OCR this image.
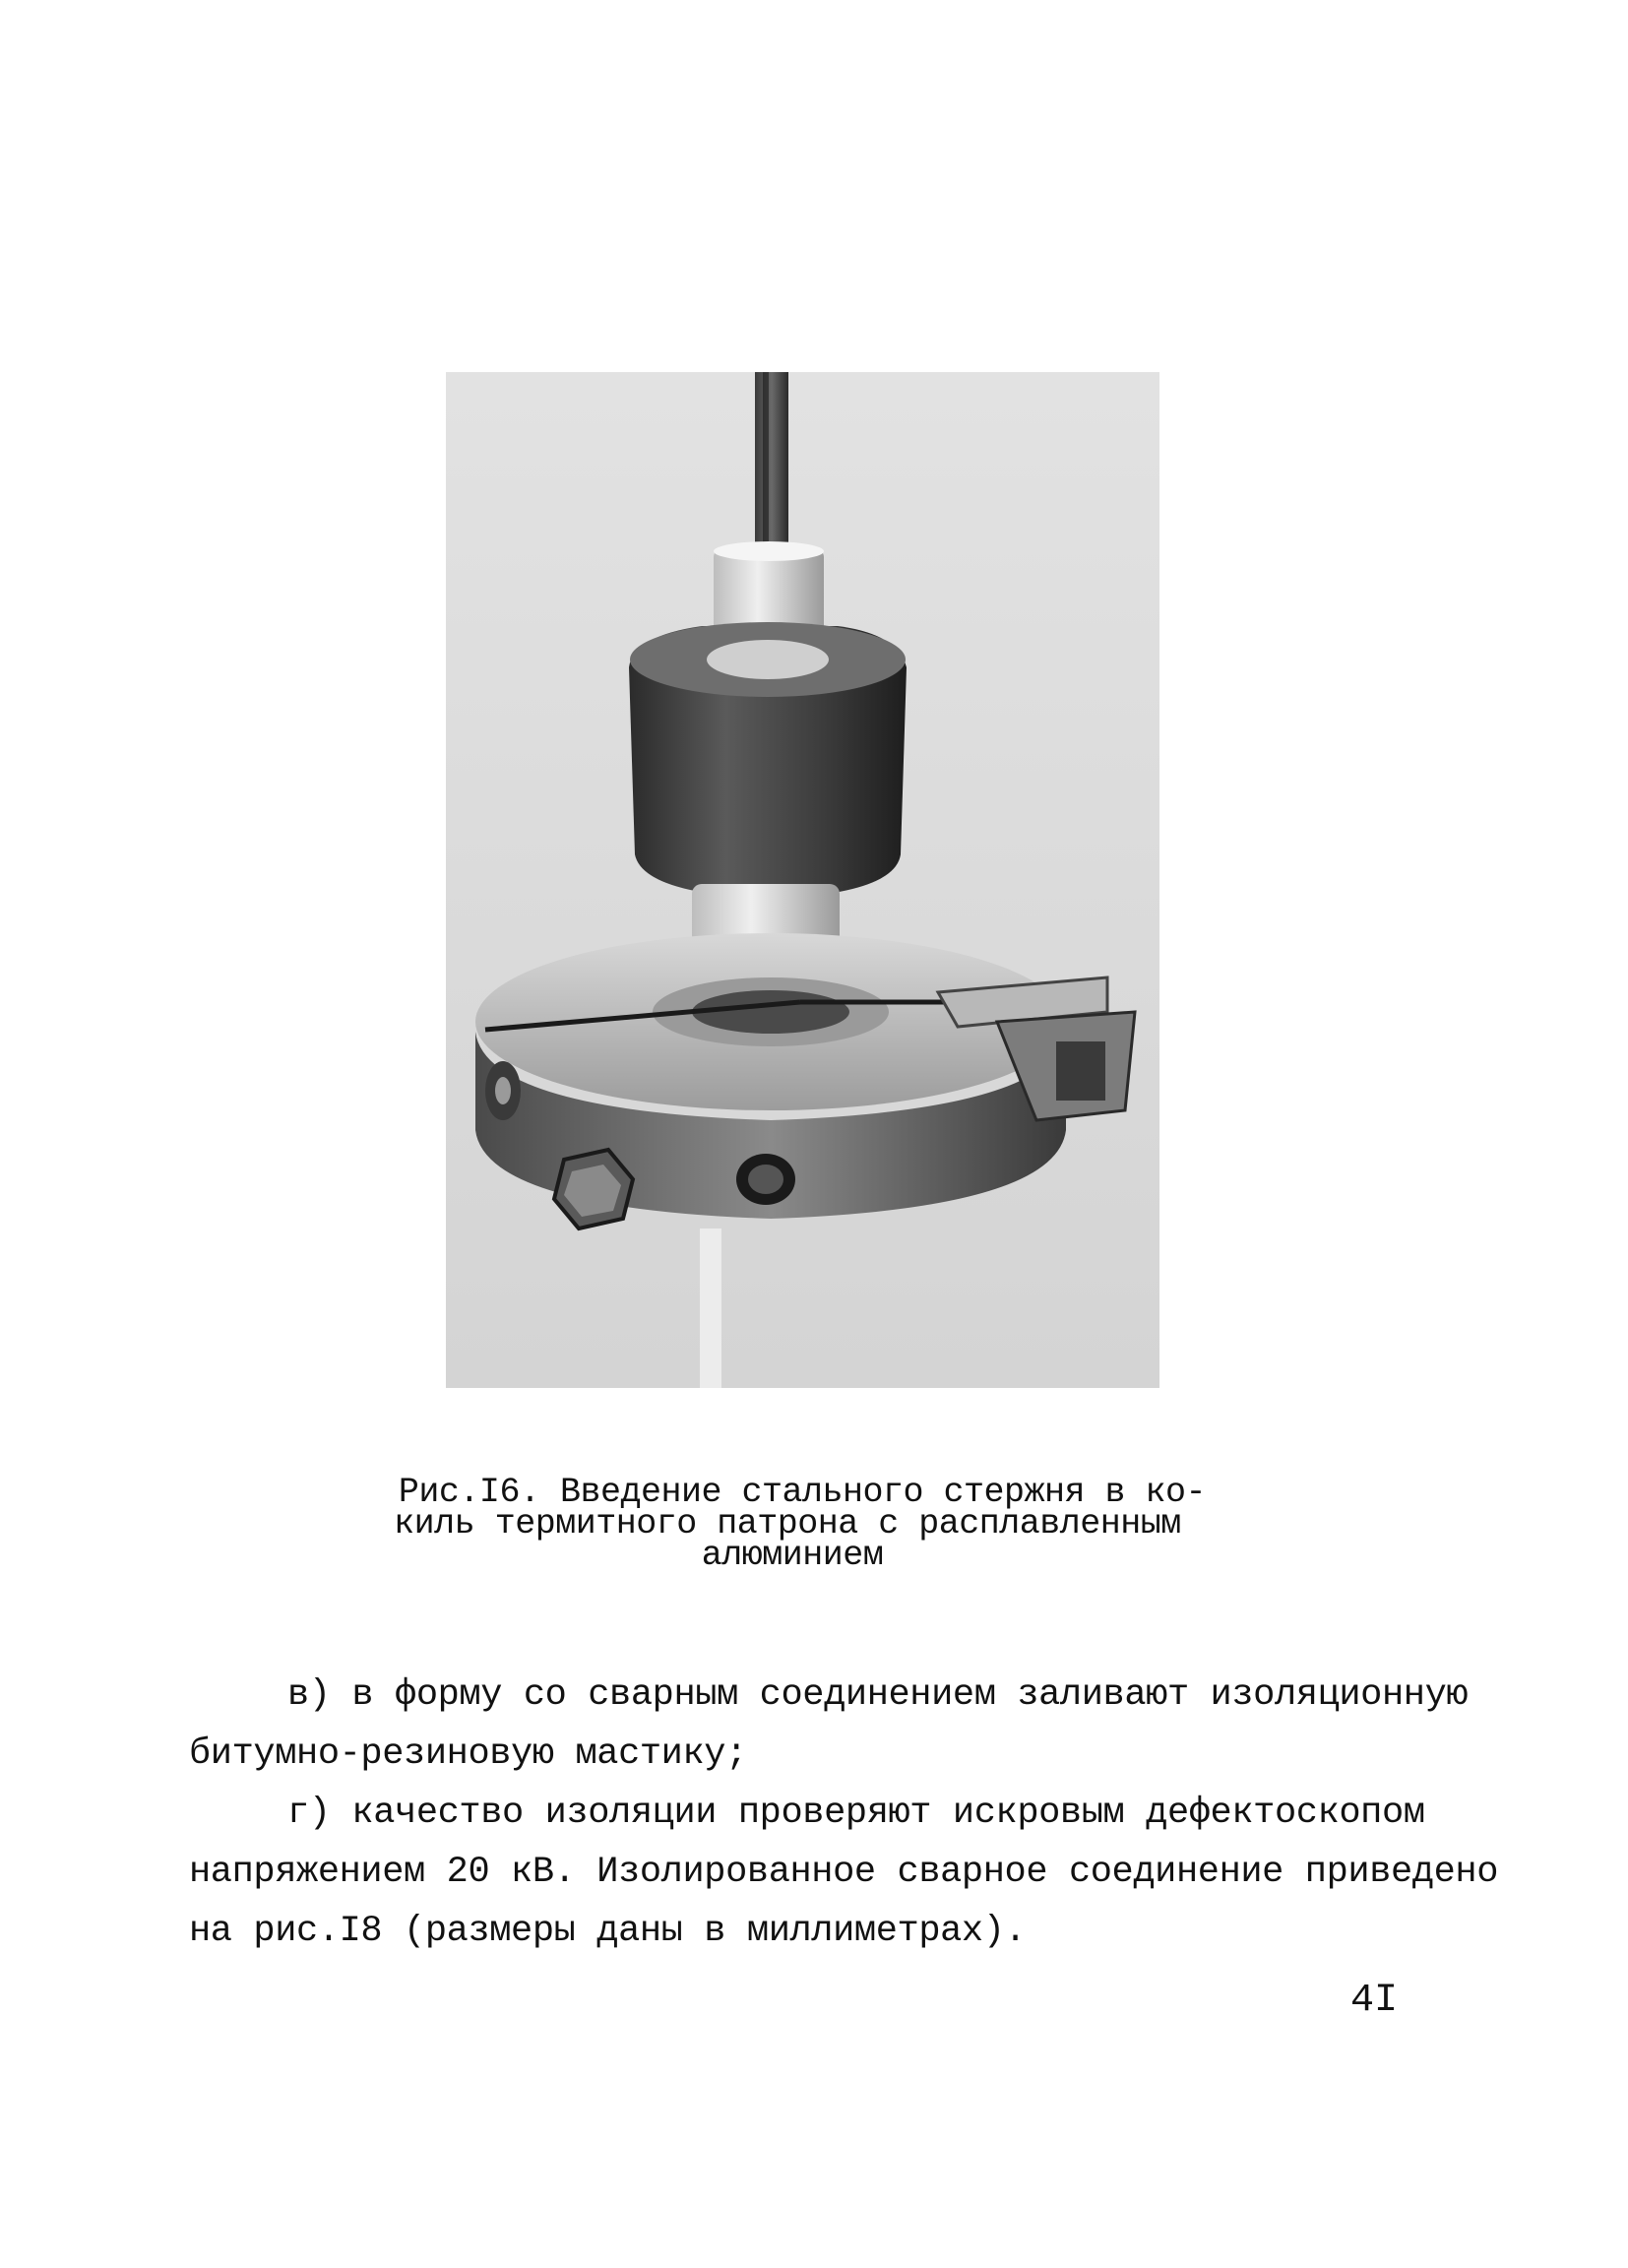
Рис.I6. Введение стального стержня в ко-
киль термитного патрона с расплавленным
алюминием
в) в форму со сварным соединением заливают изоляционную
битумно-резиновую мастику;
г) качество изоляции проверяют искровым дефектоскопом
напряжением 20 кВ. Изолированное сварное соединение приведено
на рис.I8 (размеры даны в миллиметрах).
4I
